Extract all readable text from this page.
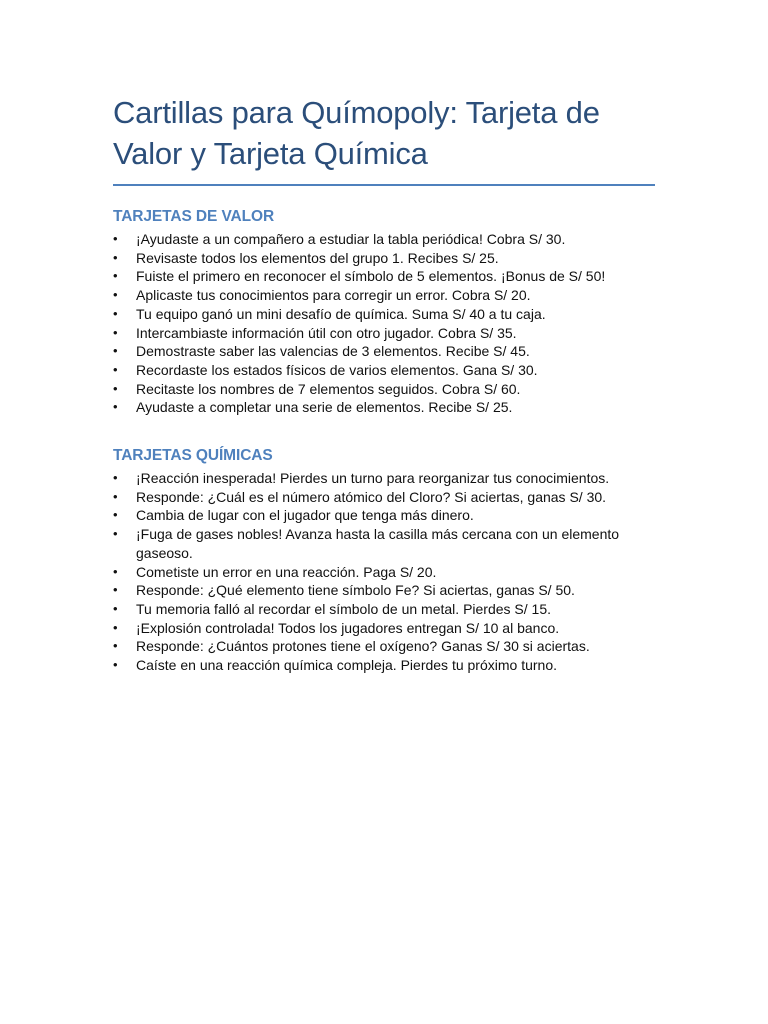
Cartillas para Químopoly: Tarjeta de Valor y Tarjeta Química
TARJETAS DE VALOR
• ¡Ayudaste a un compañero a estudiar la tabla periódica! Cobra S/ 30.
• Revisaste todos los elementos del grupo 1. Recibes S/ 25.
• Fuiste el primero en reconocer el símbolo de 5 elementos. ¡Bonus de S/ 50!
• Aplicaste tus conocimientos para corregir un error. Cobra S/ 20.
• Tu equipo ganó un mini desafío de química. Suma S/ 40 a tu caja.
• Intercambiaste información útil con otro jugador. Cobra S/ 35.
• Demostraste saber las valencias de 3 elementos. Recibe S/ 45.
• Recordaste los estados físicos de varios elementos. Gana S/ 30.
• Recitaste los nombres de 7 elementos seguidos. Cobra S/ 60.
• Ayudaste a completar una serie de elementos. Recibe S/ 25.
TARJETAS QUÍMICAS
• ¡Reacción inesperada! Pierdes un turno para reorganizar tus conocimientos.
• Responde: ¿Cuál es el número atómico del Cloro? Si aciertas, ganas S/ 30.
• Cambia de lugar con el jugador que tenga más dinero.
• ¡Fuga de gases nobles! Avanza hasta la casilla más cercana con un elemento gaseoso.
• Cometiste un error en una reacción. Paga S/ 20.
• Responde: ¿Qué elemento tiene símbolo Fe? Si aciertas, ganas S/ 50.
• Tu memoria falló al recordar el símbolo de un metal. Pierdes S/ 15.
• ¡Explosión controlada! Todos los jugadores entregan S/ 10 al banco.
• Responde: ¿Cuántos protones tiene el oxígeno? Ganas S/ 30 si aciertas.
• Caíste en una reacción química compleja. Pierdes tu próximo turno.
